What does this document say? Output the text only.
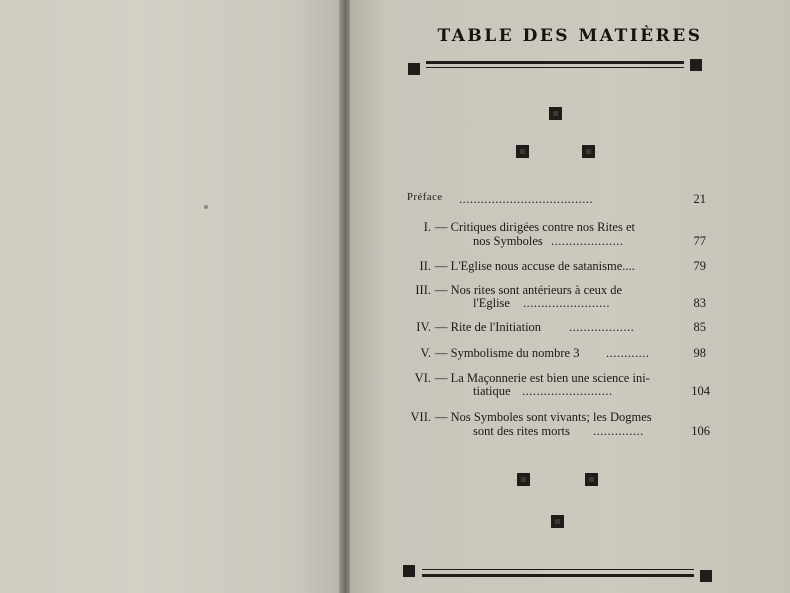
TABLE DES MATIÈRES
Préface .....................................	21
I. — Critiques dirigées contre nos Rites et
nos Symboles ....................	77
II. — L'Eglise nous accuse de satanisme....	79
III. — Nos rites sont antérieurs à ceux de
l'Eglise ........................	83
IV. — Rite de l'Initiation ..................	85
V. — Symbolisme du nombre 3 ............	98
VI. — La Maçonnerie est bien une science ini-
tiatique .........................	104
VII. — Nos Symboles sont vivants; les Dogmes
sont des rites morts ..............	106
